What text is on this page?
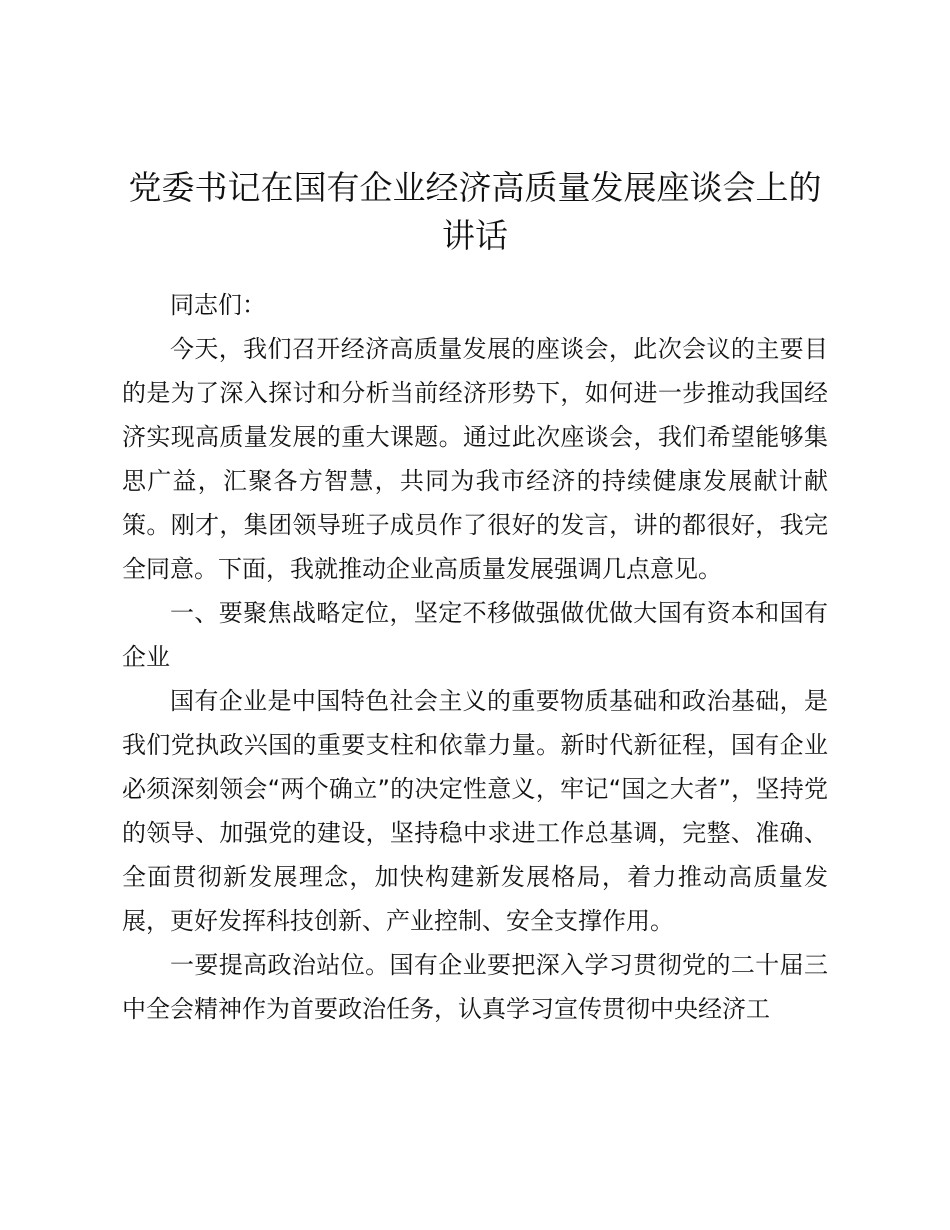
党委书记在国有企业经济高质量发展座谈会上的讲话

同志们：

今天，我们召开经济高质量发展的座谈会，此次会议的主要目的是为了深入探讨和分析当前经济形势下，如何进一步推动我国经济实现高质量发展的重大课题。通过此次座谈会，我们希望能够集思广益，汇聚各方智慧，共同为我市经济的持续健康发展献计献策。刚才，集团领导班子成员作了很好的发言，讲的都很好，我完全同意。下面，我就推动企业高质量发展强调几点意见。

一、要聚焦战略定位，坚定不移做强做优做大国有资本和国有企业

国有企业是中国特色社会主义的重要物质基础和政治基础，是我们党执政兴国的重要支柱和依靠力量。新时代新征程，国有企业必须深刻领会“两个确立”的决定性意义，牢记“国之大者”，坚持党的领导、加强党的建设，坚持稳中求进工作总基调，完整、准确、全面贯彻新发展理念，加快构建新发展格局，着力推动高质量发展，更好发挥科技创新、产业控制、安全支撑作用。

一要提高政治站位。国有企业要把深入学习贯彻党的二十届三中全会精神作为首要政治任务，认真学习宣传贯彻中央经济工
